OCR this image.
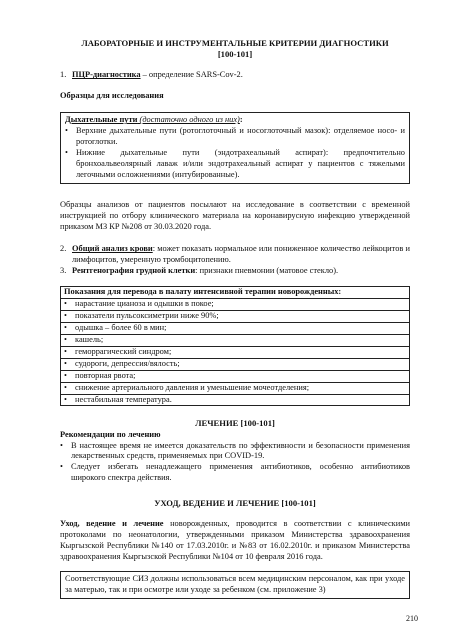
ЛАБОРАТОРНЫЕ И ИНСТРУМЕНТАЛЬНЫЕ КРИТЕРИИ ДИАГНОСТИКИ
[100-101]
1. ПЦР-диагностика – определение SARS-Cov-2.
Образцы для исследования
Дыхательные пути (достаточно одного из них):
• Верхние дыхательные пути (ротоглоточный и носоглоточный мазок): отделяемое носо- и ротоглотки.
• Нижние дыхательные пути (эндотрахеальный аспират): предпочтительно бронхоальвеолярный лаваж и/или эндотрахеальный аспират у пациентов с тяжелыми легочными осложнениями (интубированные).

Образцы анализов от пациентов посылают на исследование в соответствии с временной инструкцией по отбору клинического материала на коронавирусную инфекцию утвержденной приказом МЗ КР №208 от 30.03.2020 года.

2. Общий анализ крови: может показать нормальное или пониженное количество лейкоцитов и лимфоцитов, умеренную тромбоцитопению.
3. Рентгенография грудной клетки: признаки пневмонии (матовое стекло).
Показания для перевода в палату интенсивной терапии новорожденных:

• нарастание цианоза и одышки в покое;

• показатели пульсоксиметрии ниже 90%;

• одышка – более 60 в мин;

• кашель;

• геморрагический синдром;

• судороги, депрессия/вялость;

• повторная рвота;

• снижение артериального давления и уменьшение мочеотделения;

• нестабильная температура.
ЛЕЧЕНИЕ [100-101]
Рекомендации по лечению
• В настоящее время не имеется доказательств по эффективности и безопасности применения лекарственных средств, применяемых при COVID-19.
• Следует избегать ненадлежащего применения антибиотиков, особенно антибиотиков широкого спектра действия.
УХОД, ВЕДЕНИЕ И ЛЕЧЕНИЕ [100-101]

Уход, ведение и лечение новорожденных, проводится в соответствии с клиническими протоколами по неонатологии, утвержденными приказом Министерства здравоохранения Кыргызской Республики №140 от 17.03.2010г. и №83 от 16.02.2010г. и приказом Министерства здравоохранения Кыргызской Республики №104 от 10 февраля 2016 года.

Соответствующие СИЗ должны использоваться всем медицинским персоналом, как при уходе за матерью, так и при осмотре или уходе за ребенком (см. приложение 3)
210
